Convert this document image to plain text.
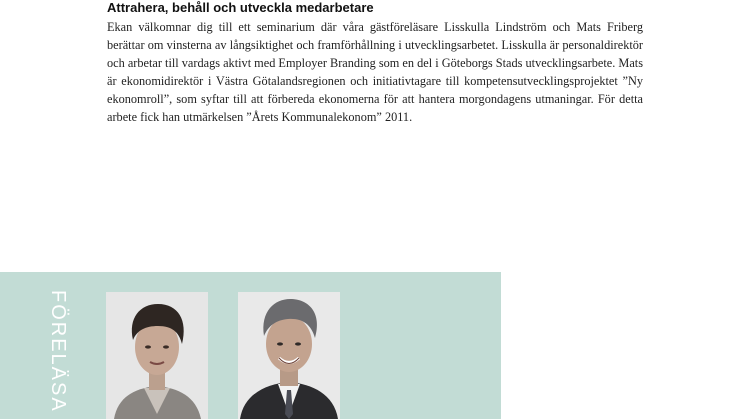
Attrahera, behåll och utveckla medarbetare

Ekan välkomnar dig till ett seminarium där våra gästföreläsare Lisskulla Lindström och Mats Friberg berättar om vinsterna av långsiktighet och framförhållning i utvecklingsarbetet. Lisskulla är personaldirektör och arbetar till vardags aktivt med Employer Branding som en del i Göteborgs Stads utvecklingsarbete. Mats är ekonomidirektör i Västra Götalandsregionen och initiativtagare till kompetensutvecklingsprojektet ”Ny ekonomroll”, som syftar till att förbereda ekonomerna för att hantera morgondagens utmaningar. För detta arbete fick han utmärkelsen ”Årets Kommunalekonom” 2011.

FÖRELÄSA
